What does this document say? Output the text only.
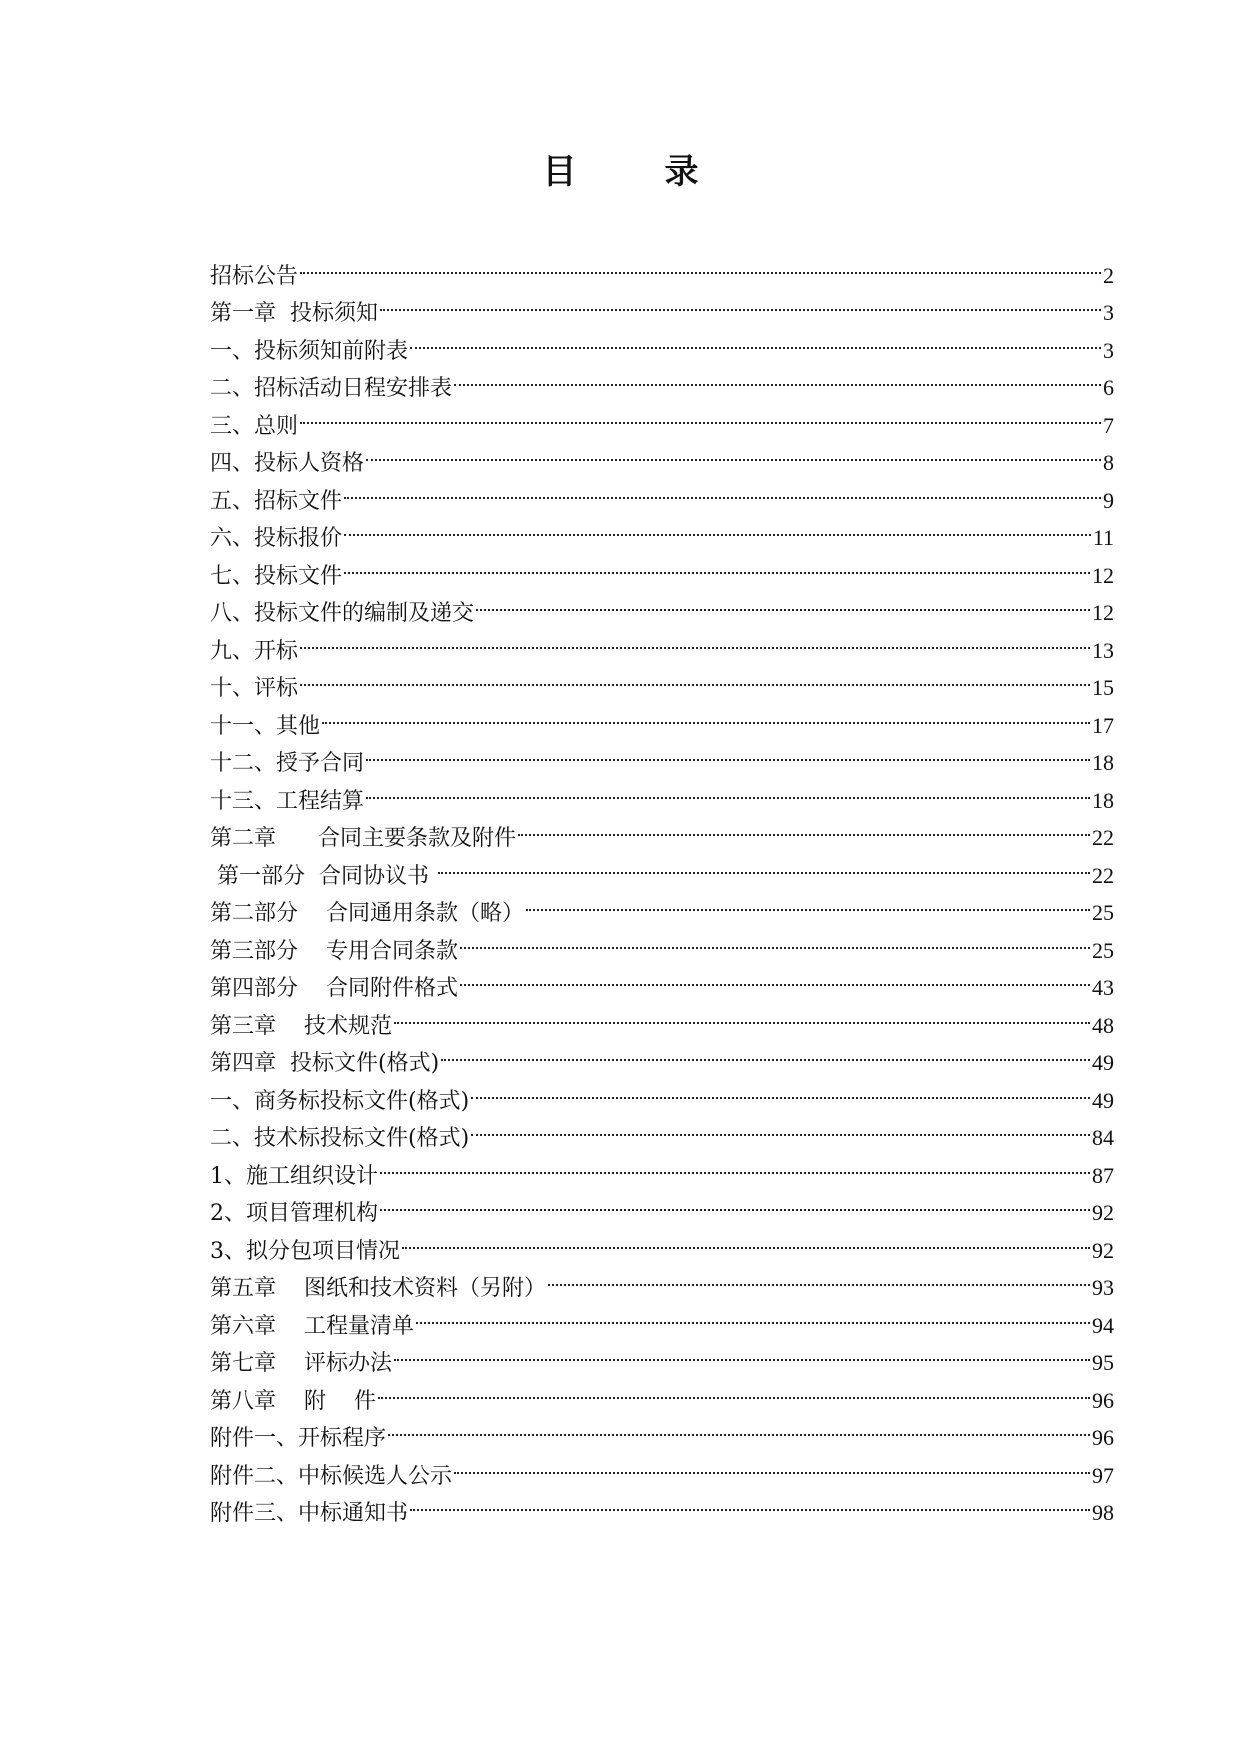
目	录
招标公告	2
第一章  投标须知	3
一、投标须知前附表	3
二、招标活动日程安排表	6
三、总则	7
四、投标人资格	8
五、招标文件	9
六、投标报价	11
七、投标文件	12
八、投标文件的编制及递交	12
九、开标	13
十、评标	15
十一、其他	17
十二、授予合同	18
十三、工程结算	18
第二章      合同主要条款及附件	22
第一部分  合同协议书	22
第二部分    合同通用条款（略）	25
第三部分    专用合同条款	25
第四部分    合同附件格式	43
第三章    技术规范	48
第四章  投标文件(格式)	49
一、商务标投标文件(格式)	49
二、技术标投标文件(格式)	84
1、施工组织设计	87
2、项目管理机构	92
3、拟分包项目情况	92
第五章    图纸和技术资料（另附）	93
第六章    工程量清单	94
第七章    评标办法	95
第八章    附    件	96
附件一、开标程序	96
附件二、中标候选人公示	97
附件三、中标通知书	98
